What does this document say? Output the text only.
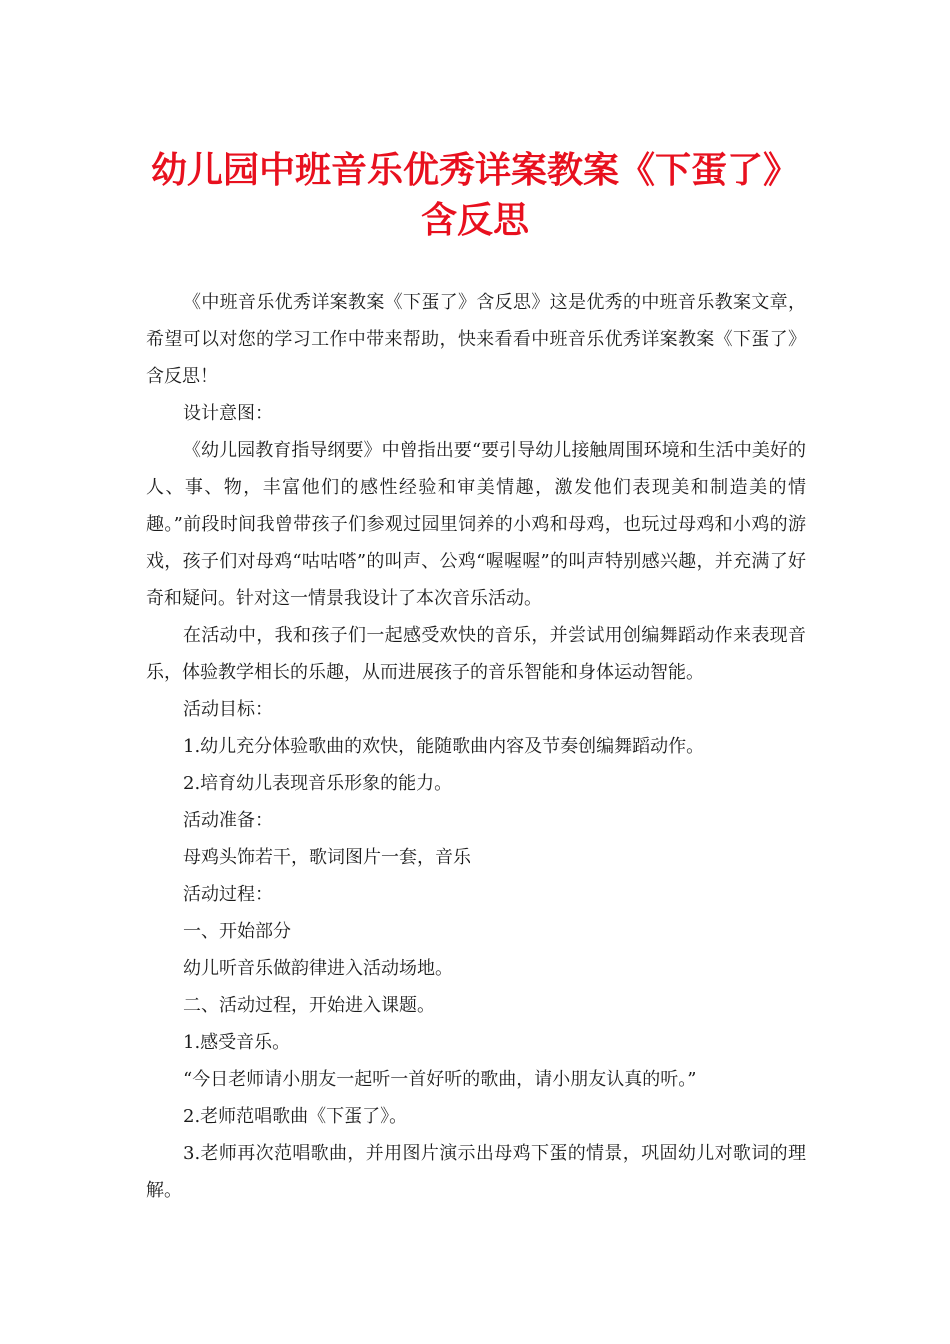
幼儿园中班音乐优秀详案教案《下蛋了》含反思

《中班音乐优秀详案教案《下蛋了》含反思》这是优秀的中班音乐教案文章，希望可以对您的学习工作中带来帮助，快来看看中班音乐优秀详案教案《下蛋了》含反思！

设计意图：

《幼儿园教育指导纲要》中曾指出要“要引导幼儿接触周围环境和生活中美好的人、事、物，丰富他们的感性经验和审美情趣，激发他们表现美和制造美的情趣。”前段时间我曾带孩子们参观过园里饲养的小鸡和母鸡，也玩过母鸡和小鸡的游戏，孩子们对母鸡“咕咕嗒”的叫声、公鸡“喔喔喔”的叫声特别感兴趣，并充满了好奇和疑问。针对这一情景我设计了本次音乐活动。

在活动中，我和孩子们一起感受欢快的音乐，并尝试用创编舞蹈动作来表现音乐，体验教学相长的乐趣，从而进展孩子的音乐智能和身体运动智能。

活动目标：

1.幼儿充分体验歌曲的欢快，能随歌曲内容及节奏创编舞蹈动作。

2.培育幼儿表现音乐形象的能力。

活动准备：

母鸡头饰若干，歌词图片一套，音乐

活动过程：

一、开始部分

幼儿听音乐做韵律进入活动场地。

二、活动过程，开始进入课题。

1.感受音乐。

“今日老师请小朋友一起听一首好听的歌曲，请小朋友认真的听。”

2.老师范唱歌曲《下蛋了》。

3.老师再次范唱歌曲，并用图片演示出母鸡下蛋的情景，巩固幼儿对歌词的理解。
